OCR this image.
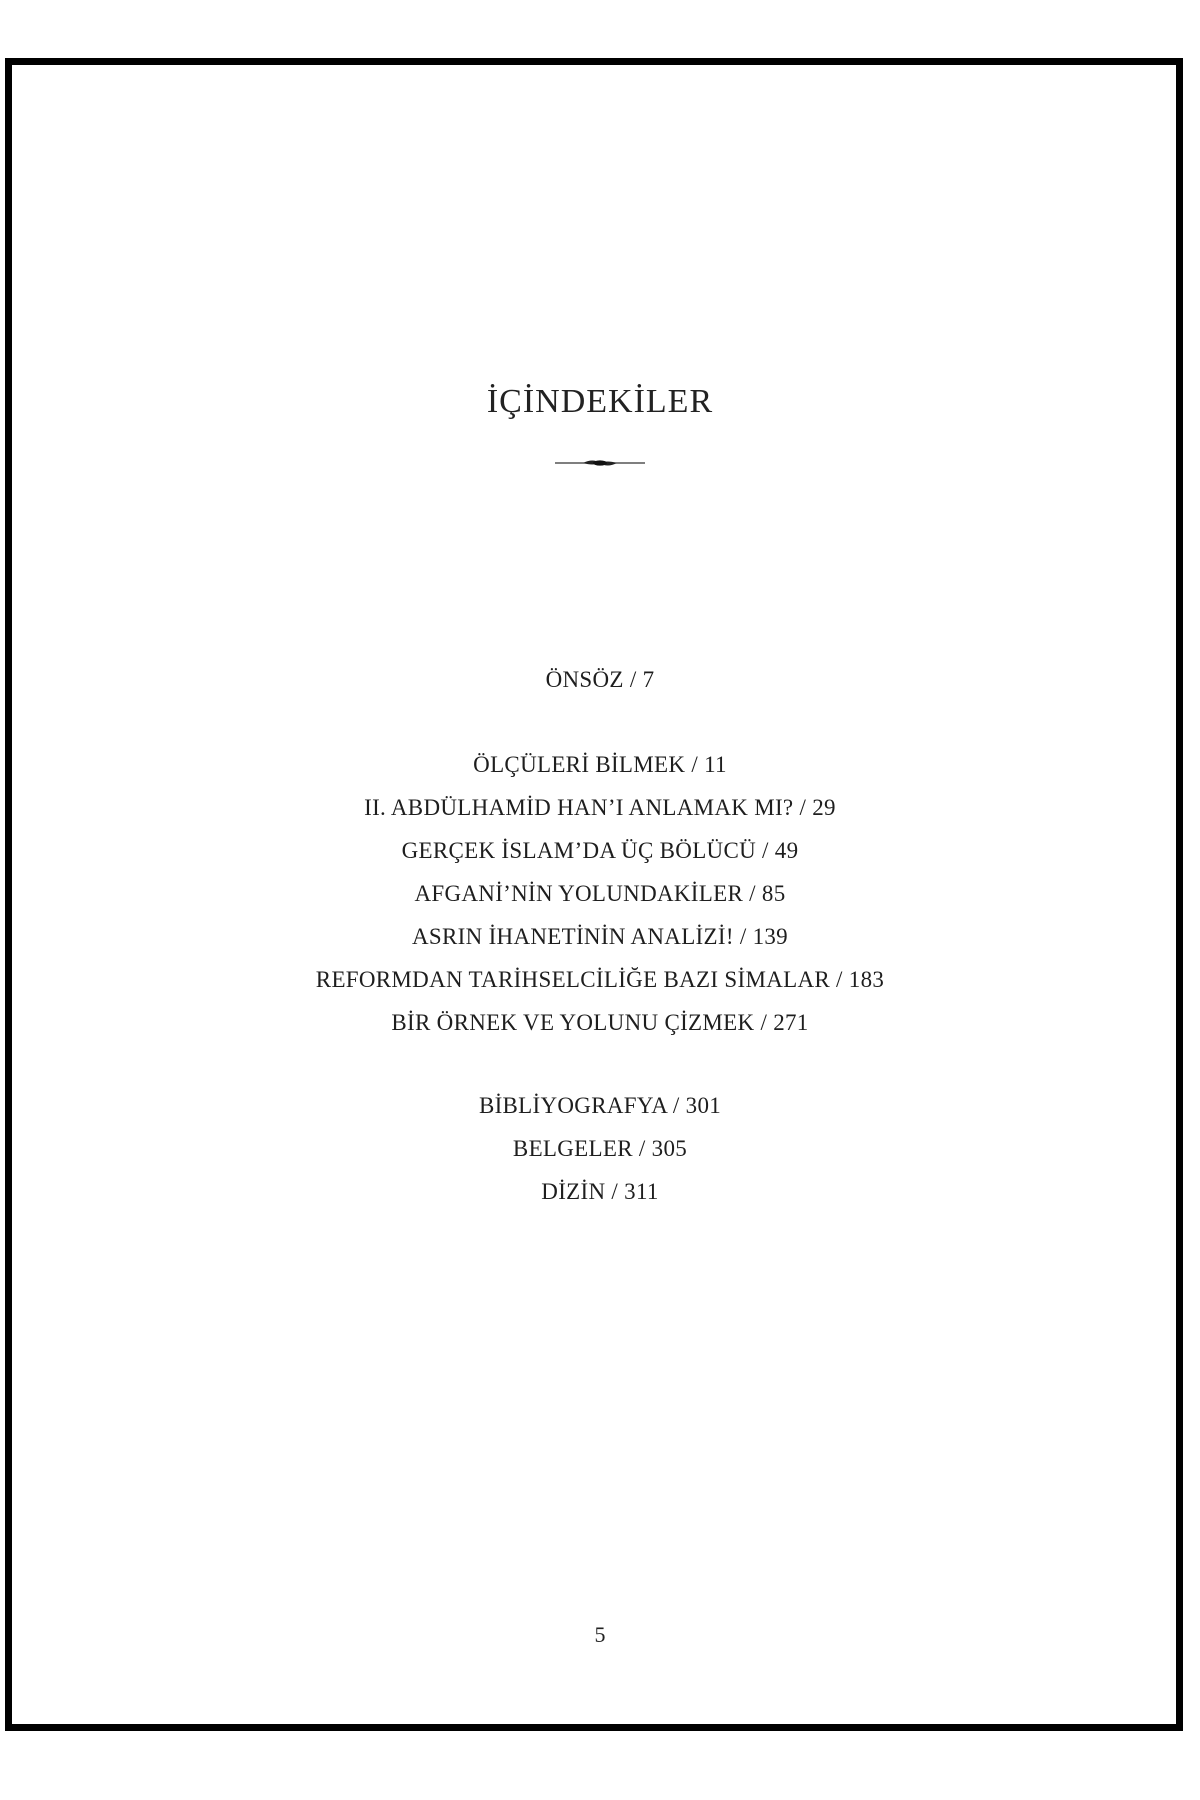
İÇİNDEKİLER
ÖNSÖZ / 7
ÖLÇÜLERİ BİLMEK / 11
II. ABDÜLHAMİD HAN’I ANLAMAK MI? / 29
GERÇEK İSLAM’DA ÜÇ BÖLÜCÜ / 49
AFGANİ’NİN YOLUNDAKİLER / 85
ASRIN İHANETİNİN ANALİZİ! / 139
REFORMDAN TARİHSELCİLİĞE BAZI SİMALAR / 183
BİR ÖRNEK VE YOLUNU ÇİZMEK / 271
BİBLİYOGRAFYA / 301
BELGELER / 305
DİZİN / 311
5
